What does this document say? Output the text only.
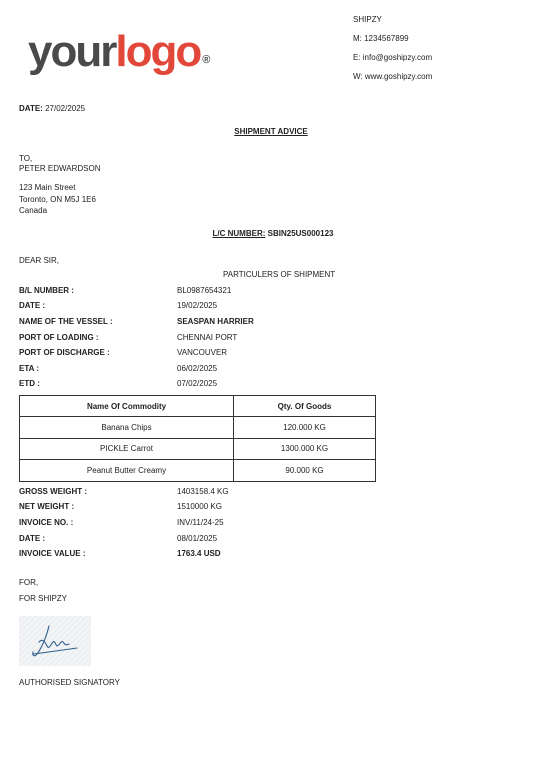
yourlogo ®
SHIPZY
M: 1234567899
E: info@goshipzy.com
W: www.goshipzy.com
DATE: 27/02/2025
SHIPMENT ADVICE
TO,
PETER EDWARDSON
123 Main Street
Toronto, ON M5J 1E6
Canada
L/C NUMBER: SBIN25US000123
DEAR SIR,
PARTICULERS OF SHIPMENT
B/L NUMBER :	BL0987654321
DATE :	19/02/2025
NAME OF THE VESSEL :	SEASPAN HARRIER
PORT OF LOADING :	CHENNAI PORT
PORT OF DISCHARGE :	VANCOUVER
ETA :	06/02/2025
ETD :	07/02/2025
Name Of Commodity	Qty. Of Goods
Banana Chips	120.000 KG
PICKLE Carrot	1300.000 KG
Peanut Butter Creamy	90.000 KG
GROSS WEIGHT :	1403158.4 KG
NET WEIGHT :	1510000 KG
INVOICE NO. :	INV/11/24-25
DATE :	08/01/2025
INVOICE VALUE :	1763.4 USD
FOR,
FOR SHIPZY
AUTHORISED SIGNATORY
